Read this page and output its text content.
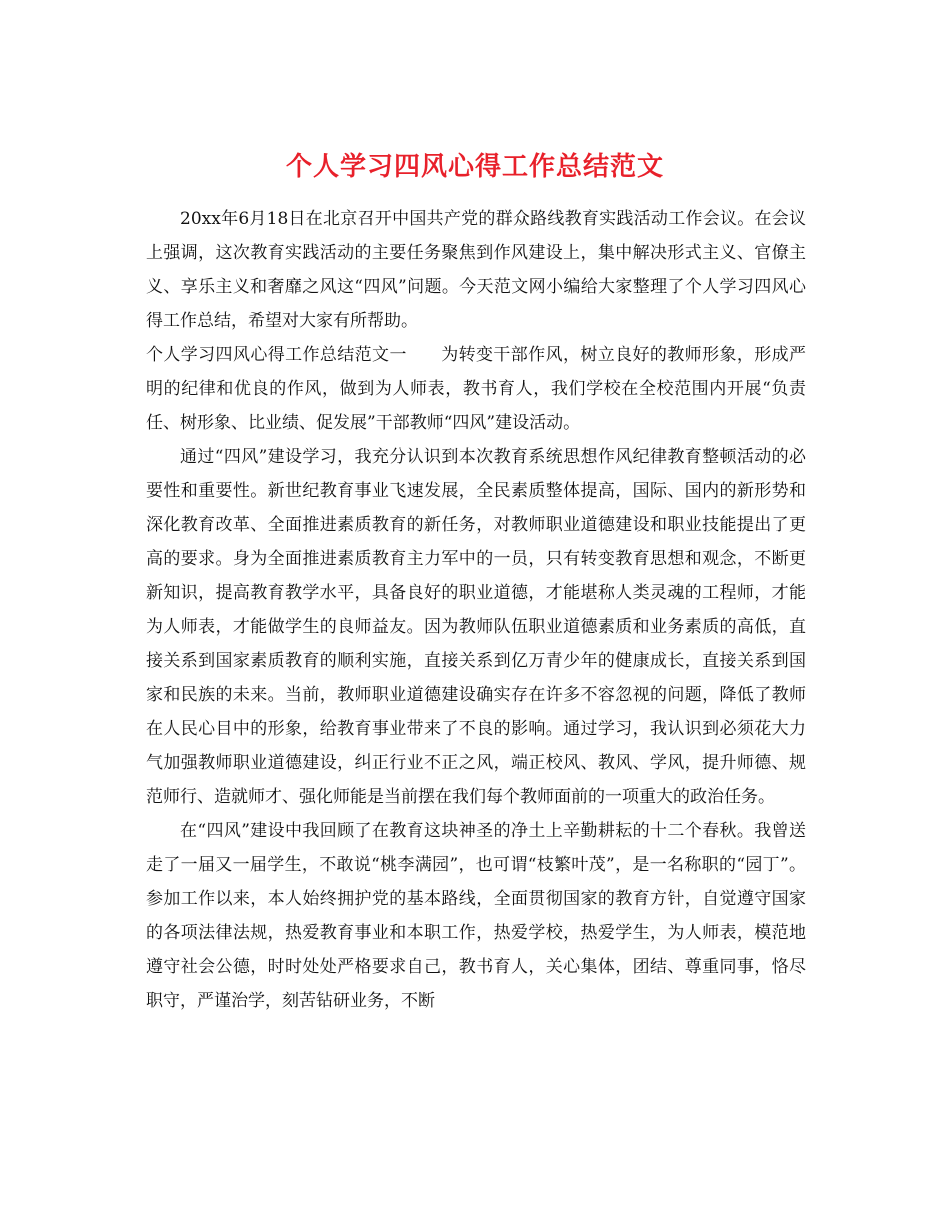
个人学习四风心得工作总结范文

20xx年6月18日在北京召开中国共产党的群众路线教育实践活动工作会议。在会议上强调，这次教育实践活动的主要任务聚焦到作风建设上，集中解决形式主义、官僚主义、享乐主义和奢靡之风这“四风”问题。今天范文网小编给大家整理了个人学习四风心得工作总结，希望对大家有所帮助。

个人学习四风心得工作总结范文一 为转变干部作风，树立良好的教师形象，形成严明的纪律和优良的作风，做到为人师表，教书育人，我们学校在全校范围内开展“负责任、树形象、比业绩、促发展”干部教师“四风”建设活动。

通过“四风”建设学习，我充分认识到本次教育系统思想作风纪律教育整顿活动的必要性和重要性。新世纪教育事业飞速发展，全民素质整体提高，国际、国内的新形势和深化教育改革、全面推进素质教育的新任务，对教师职业道德建设和职业技能提出了更高的要求。身为全面推进素质教育主力军中的一员，只有转变教育思想和观念，不断更新知识，提高教育教学水平，具备良好的职业道德，才能堪称人类灵魂的工程师，才能为人师表，才能做学生的良师益友。因为教师队伍职业道德素质和业务素质的高低，直接关系到国家素质教育的顺利实施，直接关系到亿万青少年的健康成长，直接关系到国家和民族的未来。当前，教师职业道德建设确实存在许多不容忽视的问题，降低了教师在人民心目中的形象，给教育事业带来了不良的影响。通过学习，我认识到必须花大力气加强教师职业道德建设，纠正行业不正之风，端正校风、教风、学风，提升师德、规范师行、造就师才、强化师能是当前摆在我们每个教师面前的一项重大的政治任务。

在“四风”建设中我回顾了在教育这块神圣的净土上辛勤耕耘的十二个春秋。我曾送走了一届又一届学生，不敢说“桃李满园”，也可谓“枝繁叶茂”，是一名称职的“园丁”。参加工作以来，本人始终拥护党的基本路线，全面贯彻国家的教育方针，自觉遵守国家的各项法律法规，热爱教育事业和本职工作，热爱学校，热爱学生，为人师表，模范地遵守社会公德，时时处处严格要求自己，教书育人，关心集体，团结、尊重同事，恪尽职守，严谨治学，刻苦钻研业务，不断
